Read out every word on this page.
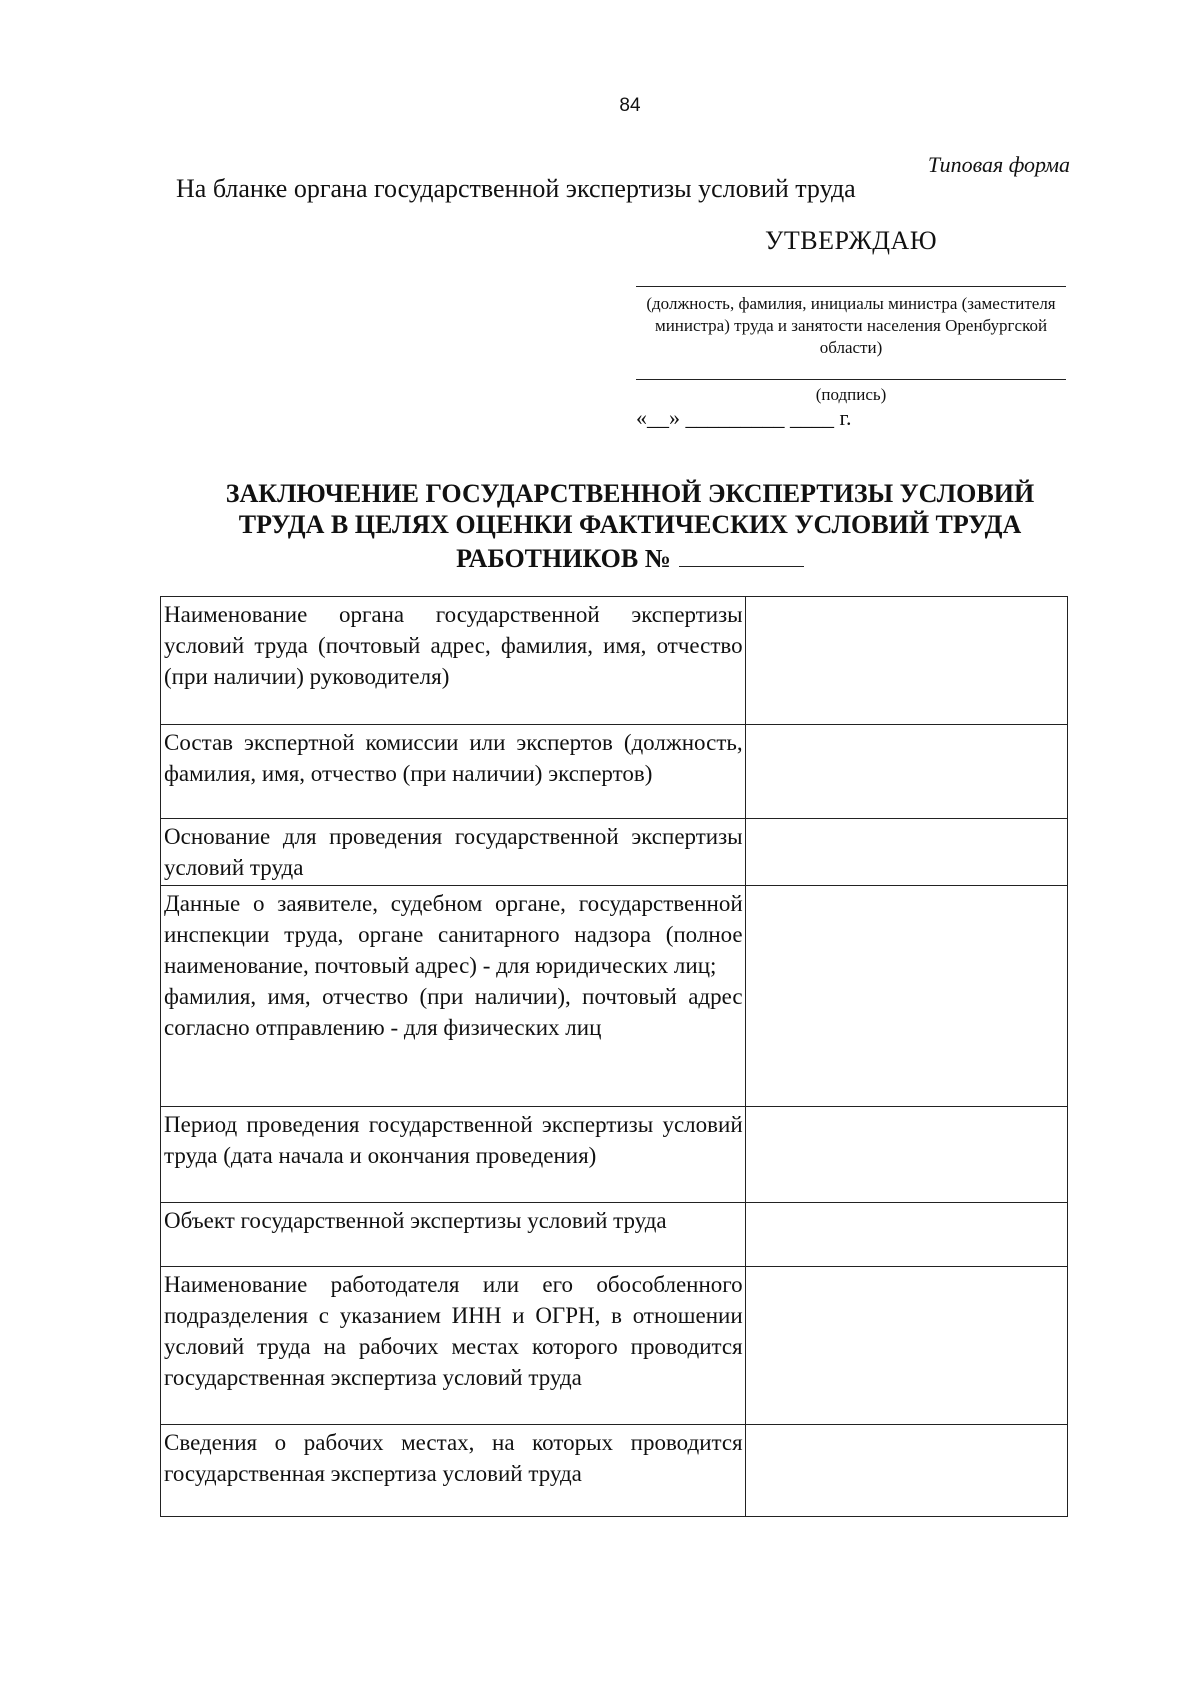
84
Типовая форма
На бланке органа государственной экспертизы условий труда
УТВЕРЖДАЮ
(должность, фамилия, инициалы министра (заместителя министра) труда и занятости населения Оренбургской области)
(подпись)
«__» _________ ____ г.
ЗАКЛЮЧЕНИЕ ГОСУДАРСТВЕННОЙ ЭКСПЕРТИЗЫ УСЛОВИЙ
ТРУДА В ЦЕЛЯХ ОЦЕНКИ ФАКТИЧЕСКИХ УСЛОВИЙ ТРУДА
РАБОТНИКОВ №
Наименование органа государственной экспертизы условий труда (почтовый адрес, фамилия, имя, отчество (при наличии) руководителя)	
Состав экспертной комиссии или экспертов (должность, фамилия, имя, отчество (при наличии) экспертов)	
Основание для проведения государственной экспертизы условий труда	

Данные о заявителе, судебном органе, государственной инспекции труда, органе санитарного надзора (полное наименование, почтовый адрес) - для юридических лиц;
фамилия, имя, отчество (при наличии), почтовый адрес согласно отправлению - для физических лиц	

Период проведения государственной экспертизы условий труда (дата начала и окончания проведения)	
Объект государственной экспертизы условий труда	
Наименование работодателя или его обособленного подразделения с указанием ИНН и ОГРН, в отношении условий труда на рабочих местах которого проводится государственная экспертиза условий труда	
Сведения о рабочих местах, на которых проводится государственная экспертиза условий труда	
